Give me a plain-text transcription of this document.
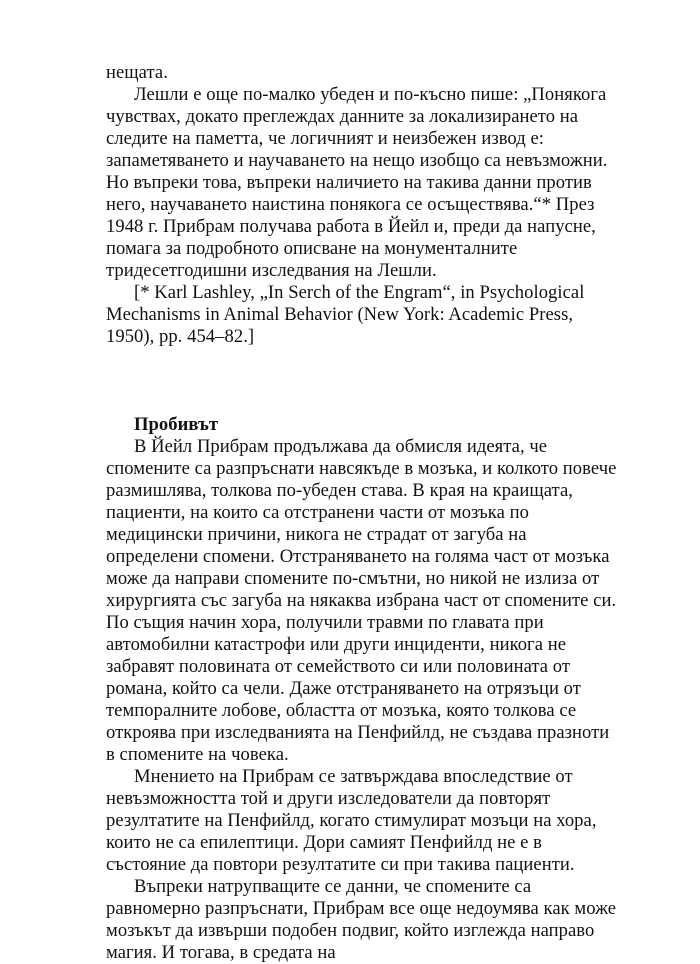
нещата.

Лешли е още по-малко убеден и по-късно пише: „Понякога чувствах, докато преглеждах данните за локализирането на следите на паметта, че логичният и неизбежен извод е: запаметяването и научаването на нещо изобщо са невъзможни. Но въпреки това, въпреки наличието на такива данни против него, научаването наистина понякога се осъществява.“* През 1948 г. Прибрам получава работа в Йейл и, преди да напусне, помага за подробното описване на монументалните тридесетгодишни изследвания на Лешли.

[* Karl Lashley, „In Serch of the Engram“, in Psychological Mechanisms in Animal Behavior (New York: Academic Press, 1950), pp. 454–82.]

Пробивът

В Йейл Прибрам продължава да обмисля идеята, че спомените са разпръснати навсякъде в мозъка, и колкото повече размишлява, толкова по-убеден става. В края на краищата, пациенти, на които са отстранени части от мозъка по медицински причини, никога не страдат от загуба на определени спомени. Отстраняването на голяма част от мозъка може да направи спомените по-смътни, но никой не излиза от хирургията със загуба на някаква избрана част от спомените си. По същия начин хора, получили травми по главата при автомобилни катастрофи или други инциденти, никога не забравят половината от семейството си или половината от романа, който са чели. Даже отстраняването на отрязъци от темпоралните лобове, областта от мозъка, която толкова се откроява при изследванията на Пенфийлд, не създава празноти в спомените на човека.

Мнението на Прибрам се затвърждава впоследствие от невъзможността той и други изследователи да повторят резултатите на Пенфийлд, когато стимулират мозъци на хора, които не са епилептици. Дори самият Пенфийлд не е в състояние да повтори резултатите си при такива пациенти.

Въпреки натрупващите се данни, че спомените са равномерно разпръснати, Прибрам все още недоумява как може мозъкът да извърши подобен подвиг, който изглежда направо магия. И тогава, в средата на
